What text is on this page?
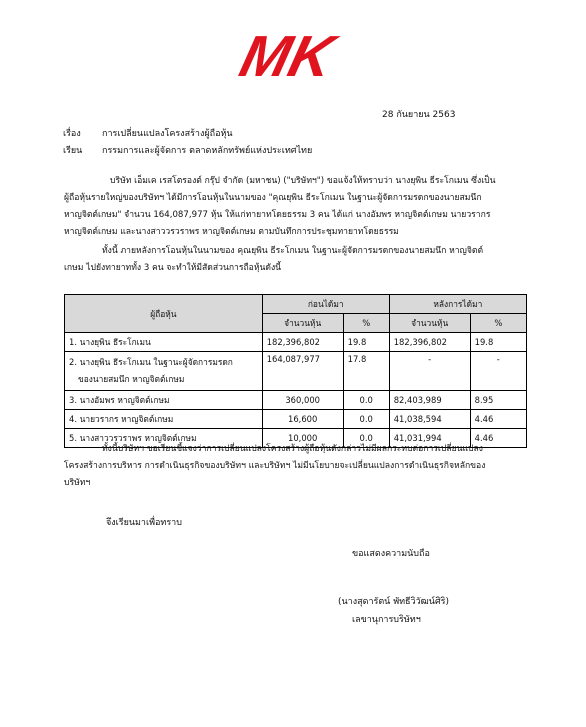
MK
28 กันยายน 2563
เรื่อง การเปลี่ยนแปลงโครงสร้างผู้ถือหุ้น
เรียน กรรมการและผู้จัดการ ตลาดหลักทรัพย์แห่งประเทศไทย
บริษัท เอ็มเค เรสโตรองต์ กรุ๊ป จำกัด (มหาชน) ("บริษัทฯ") ขอแจ้งให้ทราบว่า นางยุพิน ธีระโกเมน ซึ่งเป็น
ผู้ถือหุ้นรายใหญ่ของบริษัทฯ ได้มีการโอนหุ้นในนามของ "คุณยุพิน ธีระโกเมน ในฐานะผู้จัดการมรดกของนายสมนึก
หาญจิตต์เกษม" จำนวน 164,087,977 หุ้น ให้แก่ทายาทโดยธรรม 3 คน ได้แก่ นางอัมพร หาญจิตต์เกษม นายวรากร
หาญจิตต์เกษม และนางสาววรวราพร หาญจิตต์เกษม ตามบันทึกการประชุมทายาทโดยธรรม
ทั้งนี้ ภายหลังการโอนหุ้นในนามของ คุณยุพิน ธีระโกเมน ในฐานะผู้จัดการมรดกของนายสมนึก หาญจิตต์
เกษม ไปยังทายาททั้ง 3 คน จะทำให้มีสัดส่วนการถือหุ้นดังนี้
ผู้ถือหุ้น	ก่อนได้มา		หลังการได้มา	
	จำนวนหุ้น	%	จำนวนหุ้น	%
1. นางยุพิน ธีระโกเมน	182,396,802	19.8	182,396,802	19.8

2. นางยุพิน ธีระโกเมน ในฐานะผู้จัดการมรดก
ของนายสมนึก หาญจิตต์เกษม	164,087,977	17.8	-	-
3. นางอัมพร หาญจิตต์เกษม	360,000	0.0	82,403,989	8.95
4. นายวรากร หาญจิตต์เกษม	16,600	0.0	41,038,594	4.46
5. นางสาววรวราพร หาญจิตต์เกษม	10,000	0.0	41,031,994	4.46
ทั้งนี้บริษัทฯ ขอเรียนชี้แจงว่าการเปลี่ยนแปลงโครงสร้างผู้ถือหุ้นดังกล่าวไม่มีผลกระทบต่อการเปลี่ยนแปลง
โครงสร้างการบริหาร การดำเนินธุรกิจของบริษัทฯ และบริษัทฯ ไม่มีนโยบายจะเปลี่ยนแปลงการดำเนินธุรกิจหลักของ
บริษัทฯ
จึงเรียนมาเพื่อทราบ
ขอแสดงความนับถือ
(นางสุดารัตน์ พัทธีวิวัฒน์ศิริ)
เลขานุการบริษัทฯ
